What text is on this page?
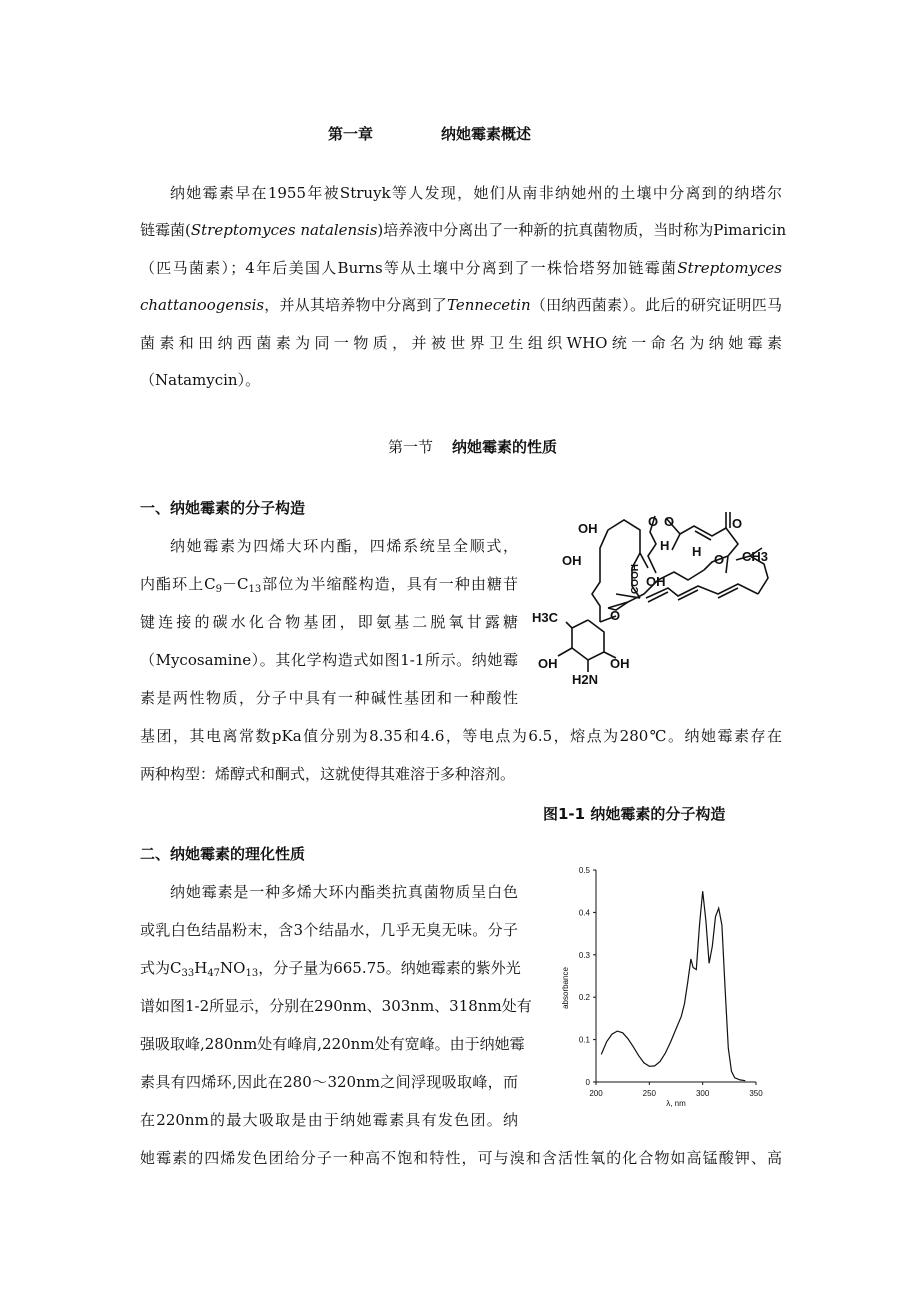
第一章	纳她霉素概述
纳她霉素早在1955年被Struyk等人发现，她们从南非纳她州的土壤中分离到的纳塔尔
链霉菌(Streptomyces natalensis)培养液中分离出了一种新的抗真菌物质，当时称为Pimaricin
（匹马菌素）；4年后美国人Burns等从土壤中分离到了一株恰塔努加链霉菌Streptomyces
chattanoogensis，并从其培养物中分离到了Tennecetin（田纳西菌素）。此后的研究证明匹马
菌素和田纳西菌素为同一物质，并被世界卫生组织WHO统一命名为纳她霉素
（Natamycin）。
第一节 纳她霉素的性质
一、纳她霉素的分子构造
纳她霉素为四烯大环内酯，四烯系统呈全顺式，
内酯环上$C_9-C_{13}$部位为半缩醛构造，具有一种由糖苷
键连接的碳水化合物基团，即氨基二脱氧甘露糖
（Mycosamine）。其化学构造式如图1-1所示。纳她霉
素是两性物质，分子中具有一种碱性基团和一种酸性
基团，其电离常数pKa值分别为8.35和4.6，等电点为6.5，熔点为280℃。纳她霉素存在
两种构型：烯醇式和酮式，这就使得其难溶于多种溶剂。
图1-1 纳她霉素的分子构造
OH
OH
H H
O O	O
O CH3
OH
COOH
O
H3C
OH	OH
H2N
二、纳她霉素的理化性质
纳她霉素是一种多烯大环内酯类抗真菌物质呈白色
或乳白色结晶粉末，含3个结晶水，几乎无臭无味。分子
式为$C_{33}H_{47}NO_{13}$，分子量为665.75。纳她霉素的紫外光
谱如图1-2所显示，分别在290nm、303nm、318nm处有
强吸取峰,280nm处有峰肩,220nm处有宽峰。由于纳她霉
素具有四烯环,因此在280～320nm之间浮现吸取峰，而
在220nm的最大吸取是由于纳她霉素具有发色团。纳
她霉素的四烯发色团给分子一种高不饱和特性，可与溴和含活性氧的化合物如高锰酸钾、高
0
0.1
0.2
0.3
0.4
0.5
200	250	300	350
absorbance
λ, nm
